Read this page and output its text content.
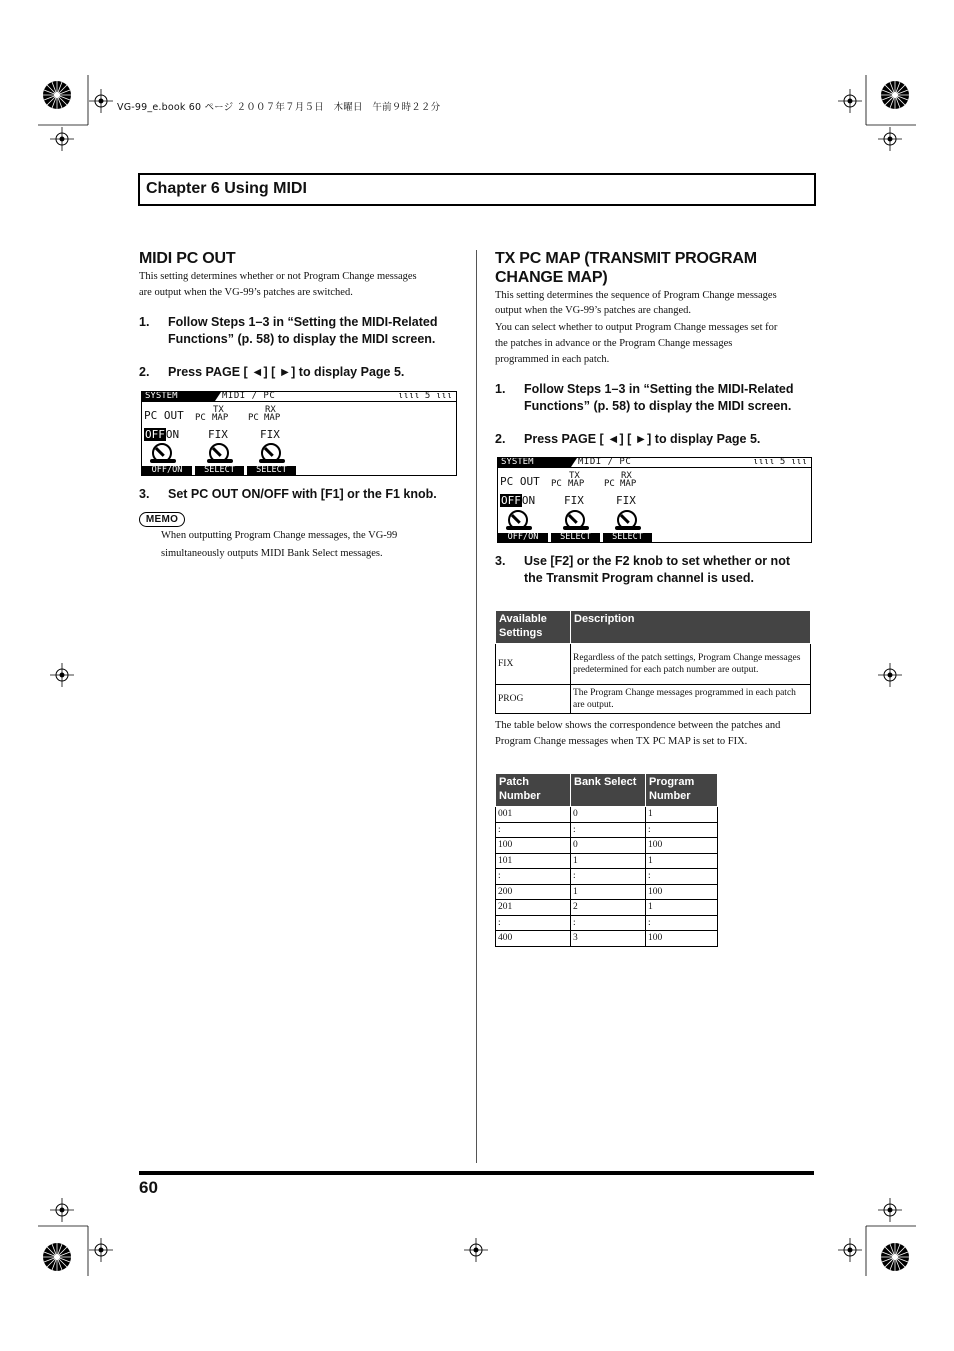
VG-99_e.book 60 ページ ２００７年７月５日　木曜日　午前９時２２分
Chapter 6 Using MIDI
MIDI PC OUT

This setting determines whether or not Program Change messages

are output when the VG-99’s patches are switched.

1. Follow Steps 1–3 in “Setting the MIDI-Related
Functions” (p. 58) to display the MIDI screen.
2. Press PAGE [ ◄] [ ►] to display Page 5.
SYSTEM	MIDI / PC	ιιιι 5 ιιι
PC OUT PC
TX
MAP PC
RX
MAP
OFFON	FIX	FIX
OFF/ON	SELECT	SELECT
3. Set PC OUT ON/OFF with [F1] or the F1 knob.
MEMO

When outputting Program Change messages, the VG-99

simultaneously outputs MIDI Bank Select messages.

TX PC MAP (TRANSMIT PROGRAM
CHANGE MAP)

This setting determines the sequence of Program Change messages

output when the VG-99’s patches are changed.

You can select whether to output Program Change messages set for

the patches in advance or the Program Change messages

programmed in each patch.

1. Follow Steps 1–3 in “Setting the MIDI-Related
Functions” (p. 58) to display the MIDI screen.
2. Press PAGE [ ◄] [ ►] to display Page 5.
SYSTEM	MIDI / PC	ιιιι 5 ιιι
PC OUT PC
TX
MAP PC
RX
MAP
OFFON	FIX	FIX
OFF/ON	SELECT	SELECT
3. Use [F2] or the F2 knob to set whether or not
the Transmit Program channel is used.
Available Settings	Description
FIX	Regardless of the patch settings, Program Change messages predetermined for each patch number are output.
PROG	The Program Change messages programmed in each patch are output.

The table below shows the correspondence between the patches and

Program Change messages when TX PC MAP is set to FIX.

Patch Number	Bank Select	Program Number
001	0	1
:	:	:
100	0	100
101	1	1
:	:	:
200	1	100
201	2	1
:	:	:
400	3	100
60
